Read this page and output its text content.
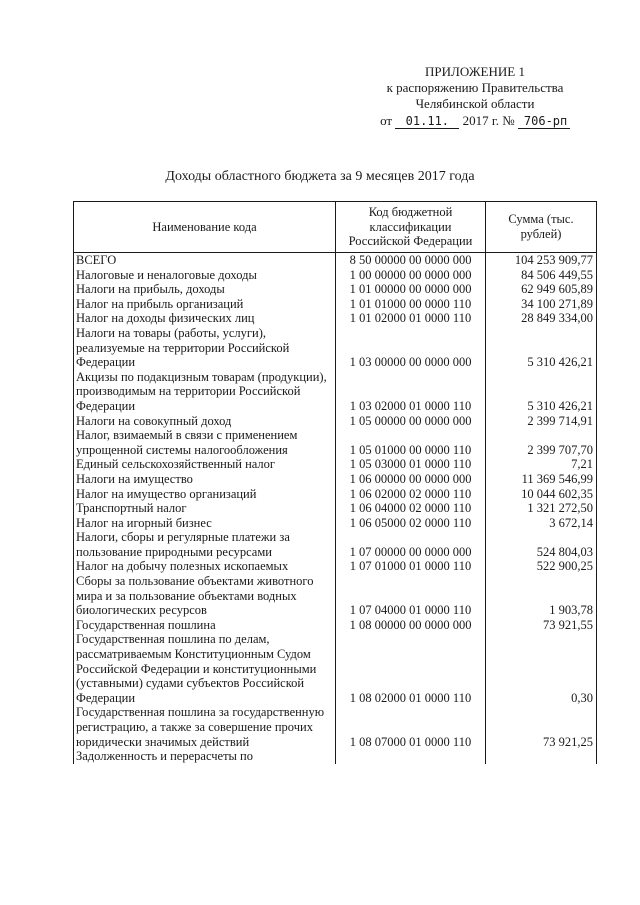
ПРИЛОЖЕНИЕ 1
к распоряжению Правительства
Челябинской области
от 01.11. 2017 г. № 706-рп
Доходы областного бюджета за 9 месяцев 2017 года
Наименование кода	Код бюджетной классификации Российской Федерации	Сумма (тыс. рублей)
ВСЕГО	8 50 00000 00 0000 000	104 253 909,77
Налоговые и неналоговые доходы	1 00 00000 00 0000 000	84 506 449,55
Налоги на прибыль, доходы	1 01 00000 00 0000 000	62 949 605,89
Налог на прибыль организаций	1 01 01000 00 0000 110	34 100 271,89
Налог на доходы физических лиц	1 01 02000 01 0000 110	28 849 334,00
Налоги на товары (работы, услуги), реализуемые на территории Российской Федерации	1 03 00000 00 0000 000	5 310 426,21
Акцизы по подакцизным товарам (продукции), производимым на территории Российской Федерации	1 03 02000 01 0000 110	5 310 426,21
Налоги на совокупный доход	1 05 00000 00 0000 000	2 399 714,91
Налог, взимаемый в связи с применением упрощенной системы налогообложения	1 05 01000 00 0000 110	2 399 707,70
Единый сельскохозяйственный налог	1 05 03000 01 0000 110	7,21
Налоги на имущество	1 06 00000 00 0000 000	11 369 546,99
Налог на имущество организаций	1 06 02000 02 0000 110	10 044 602,35
Транспортный налог	1 06 04000 02 0000 110	1 321 272,50
Налог на игорный бизнес	1 06 05000 02 0000 110	3 672,14
Налоги, сборы и регулярные платежи за пользование природными ресурсами	1 07 00000 00 0000 000	524 804,03
Налог на добычу полезных ископаемых	1 07 01000 01 0000 110	522 900,25
Сборы за пользование объектами животного мира и за пользование объектами водных биологических ресурсов	1 07 04000 01 0000 110	1 903,78
Государственная пошлина	1 08 00000 00 0000 000	73 921,55
Государственная пошлина по делам, рассматриваемым Конституционным Судом Российской Федерации и конституционными (уставными) судами субъектов Российской Федерации	1 08 02000 01 0000 110	0,30
Государственная пошлина за государственную регистрацию, а также за совершение прочих юридически значимых действий	1 08 07000 01 0000 110	73 921,25
Задолженность и перерасчеты по		
